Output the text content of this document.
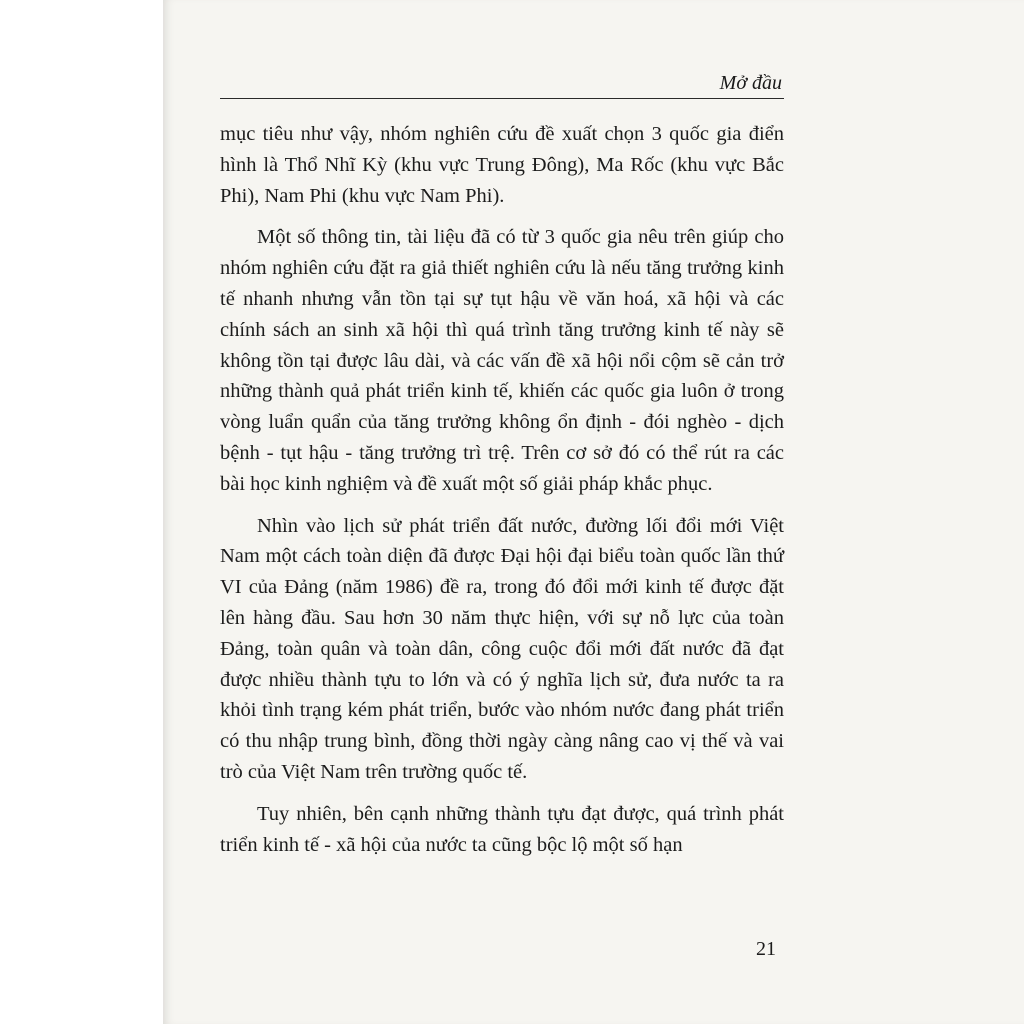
Mở đầu

mục tiêu như vậy, nhóm nghiên cứu đề xuất chọn 3 quốc gia điển hình là Thổ Nhĩ Kỳ (khu vực Trung Đông), Ma Rốc (khu vực Bắc Phi), Nam Phi (khu vực Nam Phi).

Một số thông tin, tài liệu đã có từ 3 quốc gia nêu trên giúp cho nhóm nghiên cứu đặt ra giả thiết nghiên cứu là nếu tăng trưởng kinh tế nhanh nhưng vẫn tồn tại sự tụt hậu về văn hoá, xã hội và các chính sách an sinh xã hội thì quá trình tăng trưởng kinh tế này sẽ không tồn tại được lâu dài, và các vấn đề xã hội nổi cộm sẽ cản trở những thành quả phát triển kinh tế, khiến các quốc gia luôn ở trong vòng luẩn quẩn của tăng trưởng không ổn định - đói nghèo - dịch bệnh - tụt hậu - tăng trưởng trì trệ. Trên cơ sở đó có thể rút ra các bài học kinh nghiệm và đề xuất một số giải pháp khắc phục.

Nhìn vào lịch sử phát triển đất nước, đường lối đổi mới Việt Nam một cách toàn diện đã được Đại hội đại biểu toàn quốc lần thứ VI của Đảng (năm 1986) đề ra, trong đó đổi mới kinh tế được đặt lên hàng đầu. Sau hơn 30 năm thực hiện, với sự nỗ lực của toàn Đảng, toàn quân và toàn dân, công cuộc đổi mới đất nước đã đạt được nhiều thành tựu to lớn và có ý nghĩa lịch sử, đưa nước ta ra khỏi tình trạng kém phát triển, bước vào nhóm nước đang phát triển có thu nhập trung bình, đồng thời ngày càng nâng cao vị thế và vai trò của Việt Nam trên trường quốc tế.

Tuy nhiên, bên cạnh những thành tựu đạt được, quá trình phát triển kinh tế - xã hội của nước ta cũng bộc lộ một số hạn

21
